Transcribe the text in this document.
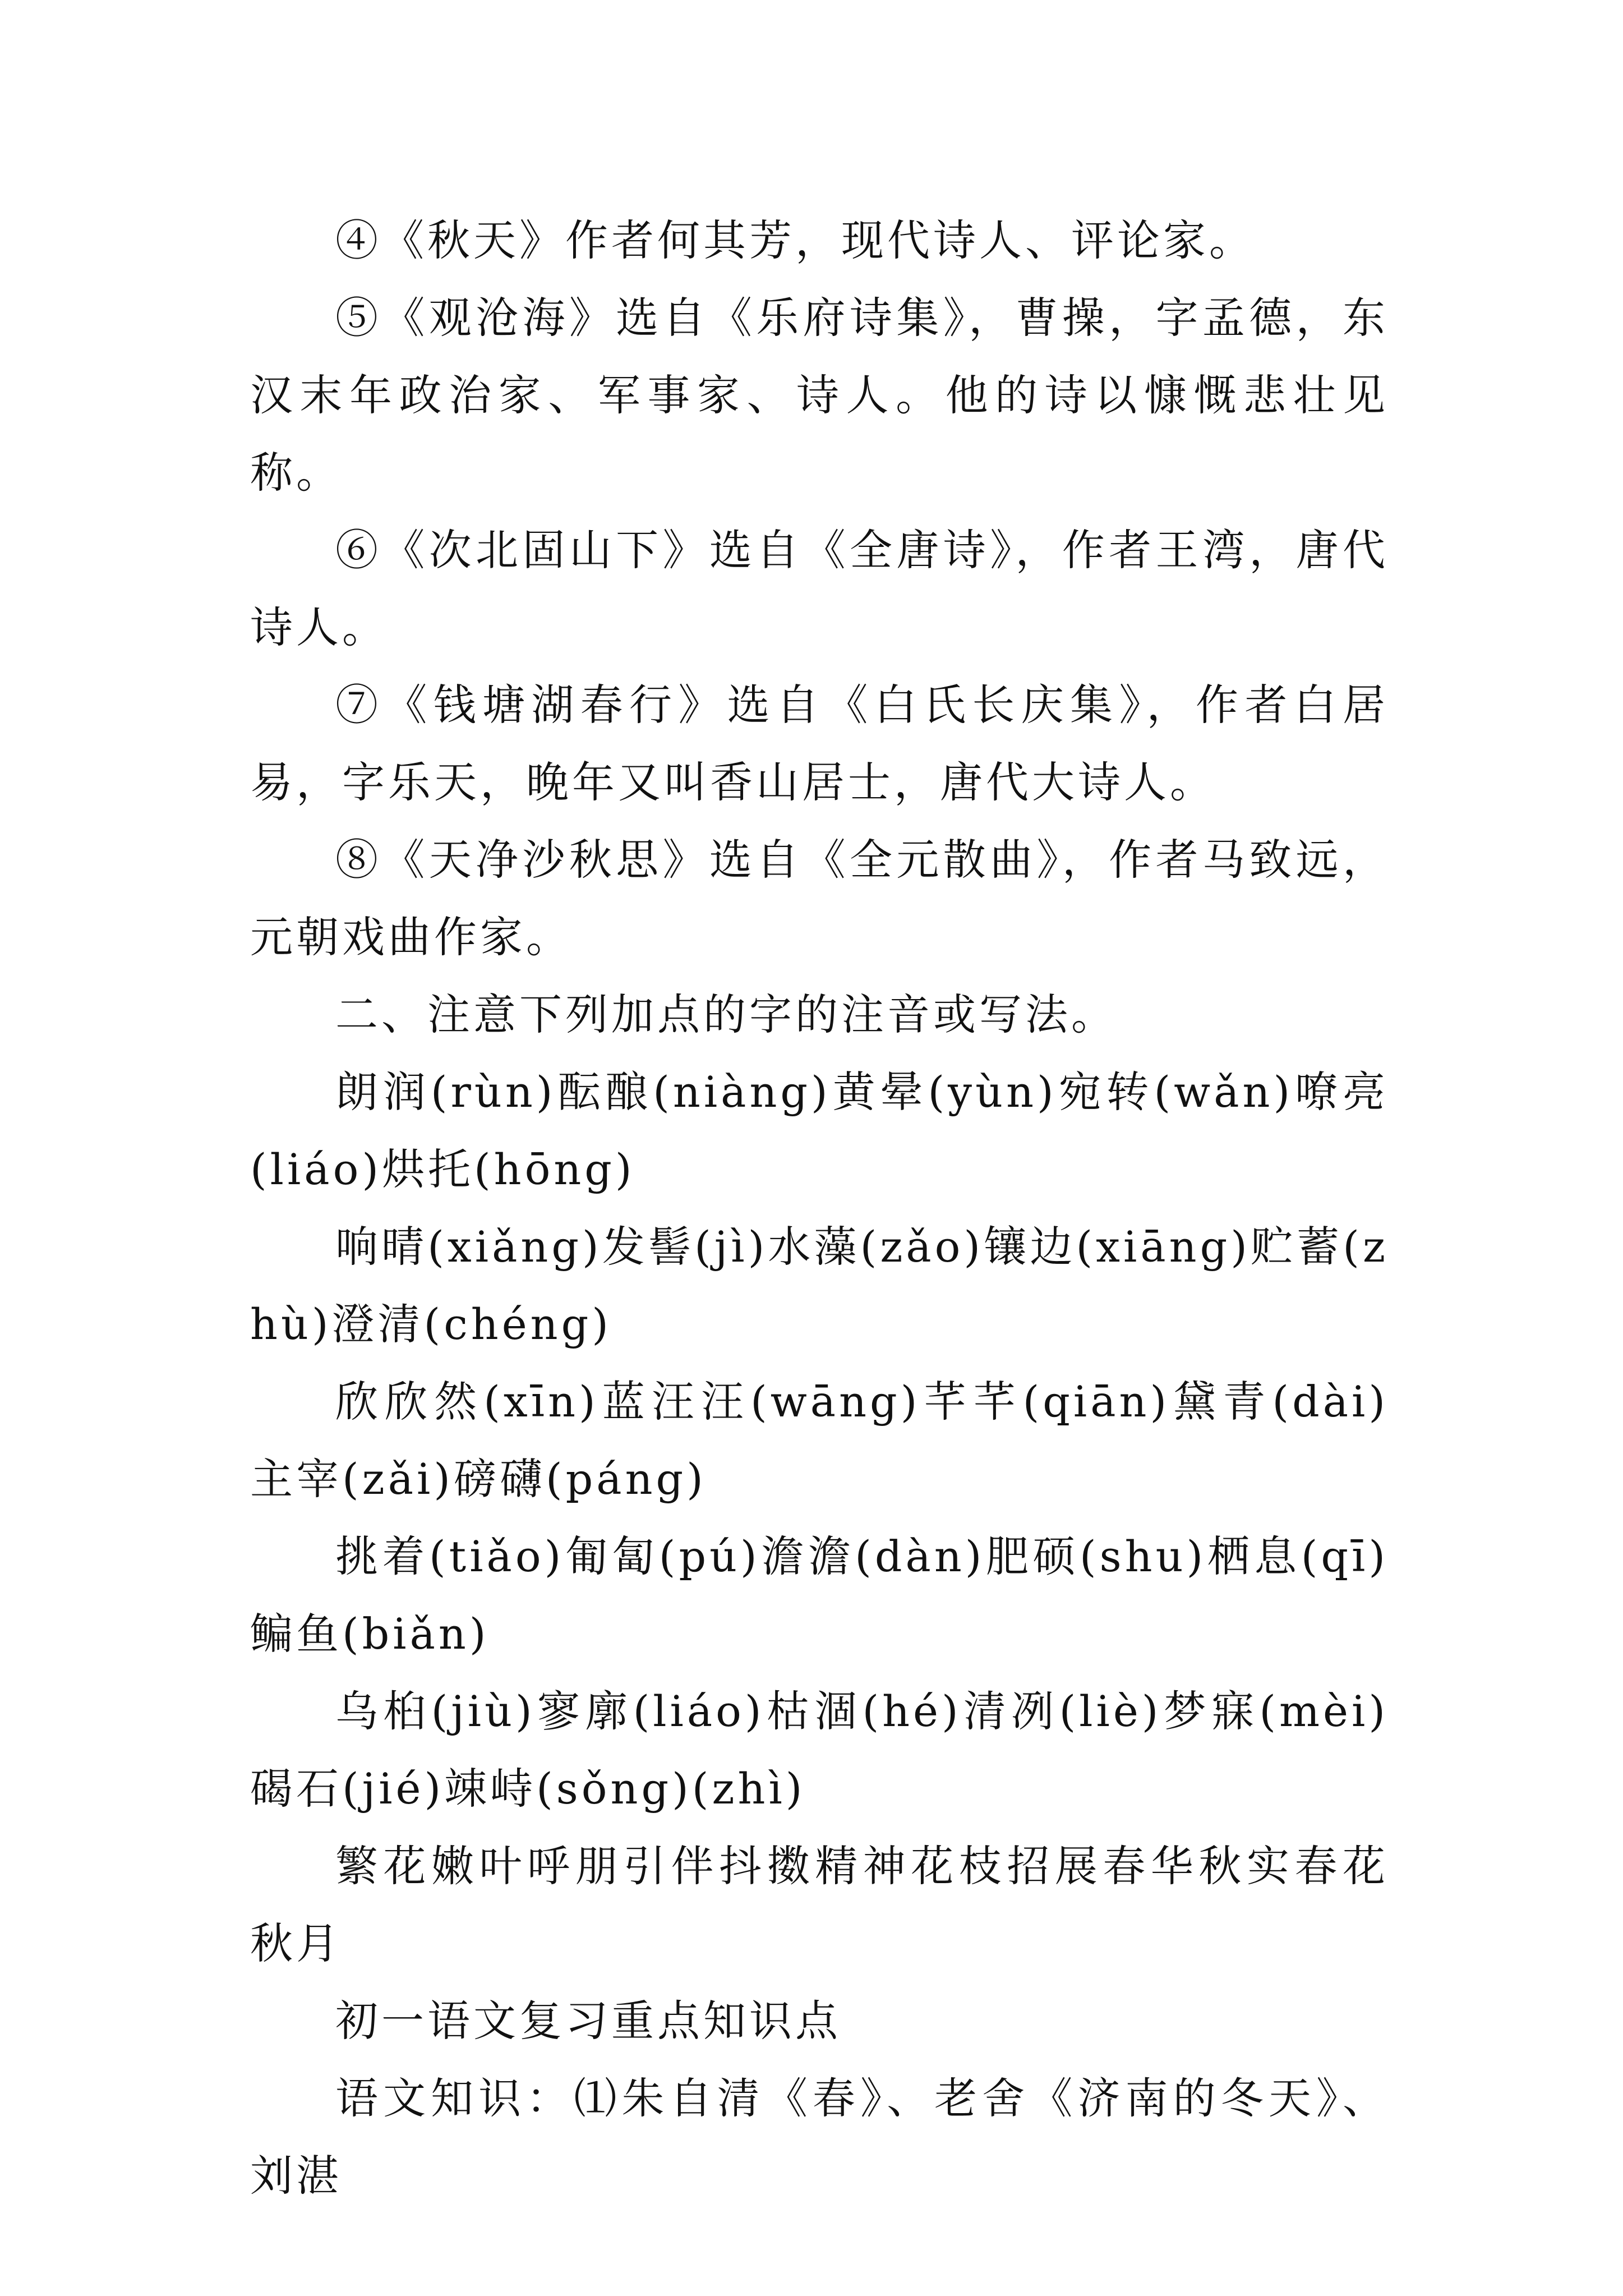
④《秋天》作者何其芳，现代诗人、评论家。

⑤《观沧海》选自《乐府诗集》，曹操，字孟德，东汉末年政治家、军事家、诗人。他的诗以慷慨悲壮见称。

⑥《次北固山下》选自《全唐诗》，作者王湾，唐代诗人。

⑦《钱塘湖春行》选自《白氏长庆集》，作者白居易，字乐天，晚年又叫香山居士，唐代大诗人。

⑧《天净沙秋思》选自《全元散曲》，作者马致远，元朝戏曲作家。

二、注意下列加点的字的注音或写法。

朗润(rùn)酝酿(niàng)黄晕(yùn)宛转(wǎn)嘹亮(liáo)烘托(hōng)

响晴(xiǎng)发髻(jì)水藻(zǎo)镶边(xiāng)贮蓄(zhù)澄清(chéng)

欣欣然(xīn)蓝汪汪(wāng)芊芊(qiān)黛青(dài)主宰(zǎi)磅礴(páng)

挑着(tiǎo)匍匐(pú)澹澹(dàn)肥硕(shu)栖息(qī)鳊鱼(biǎn)

乌桕(jiù)寥廓(liáo)枯涸(hé)清冽(liè)梦寐(mèi)碣石(jié)竦峙(sǒng)(zhì)

繁花嫩叶呼朋引伴抖擞精神花枝招展春华秋实春花秋月

初一语文复习重点知识点

语文知识：⑴朱自清《春》、老舍《济南的冬天》、刘湛
